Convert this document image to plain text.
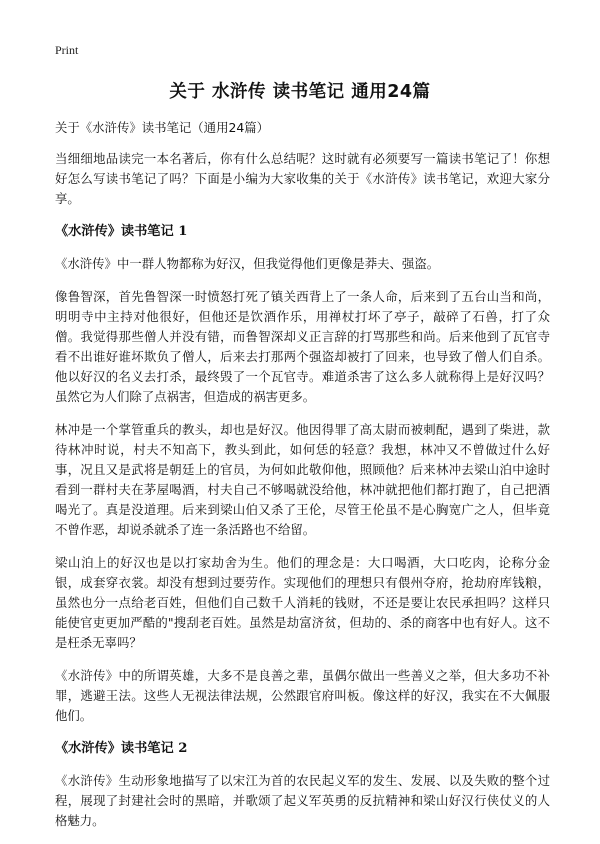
Print
关于 水浒传 读书笔记 通用24篇

关于《水浒传》读书笔记（通用24篇）

当细细地品读完一本名著后，你有什么总结呢？这时就有必须要写一篇读书笔记了！你想好怎么写读书笔记了吗？下面是小编为大家收集的关于《水浒传》读书笔记，欢迎大家分享。

《水浒传》读书笔记 1

《水浒传》中一群人物都称为好汉，但我觉得他们更像是莽夫、强盗。

像鲁智深，首先鲁智深一时愤怒打死了镇关西背上了一条人命，后来到了五台山当和尚，明明寺中主持对他很好，但他还是饮酒作乐，用禅杖打坏了亭子，敲碎了石兽，打了众僧。我觉得那些僧人并没有错，而鲁智深却义正言辞的打骂那些和尚。后来他到了瓦官寺看不出谁好谁坏欺负了僧人，后来去打那两个强盗却被打了回来，也导致了僧人们自杀。他以好汉的名义去打杀，最终毁了一个瓦官寺。难道杀害了这么多人就称得上是好汉吗？虽然它为人们除了点祸害，但造成的祸害更多。

林冲是一个掌管重兵的教头，却也是好汉。他因得罪了高太尉而被刺配，遇到了柴进，款待林冲时说，村夫不知高下，教头到此，如何恁的轻意？我想，林冲又不曾做过什么好事，况且又是武将是朝廷上的官员，为何如此敬仰他，照顾他？后来林冲去梁山泊中途时看到一群村夫在茅屋喝酒，村夫自己不够喝就没给他，林冲就把他们都打跑了，自己把酒喝光了。真是没道理。后来到梁山伯又杀了王伦，尽管王伦虽不是心胸宽广之人，但毕竟不曾作恶，却说杀就杀了连一条活路也不给留。

梁山泊上的好汉也是以打家劫舍为生。他们的理念是：大口喝酒，大口吃肉，论称分金银，成套穿衣裳。却没有想到过要劳作。实现他们的理想只有偎州夺府，抢劫府库钱粮，虽然也分一点给老百姓，但他们自己数千人消耗的钱财，不还是要让农民承担吗？这样只能使官吏更加严酷的"搜刮老百姓。虽然是劫富济贫，但劫的、杀的商客中也有好人。这不是枉杀无辜吗？

《水浒传》中的所谓英雄，大多不是良善之辈，虽偶尔做出一些善义之举，但大多功不补罪，逃避王法。这些人无视法律法规，公然跟官府叫板。像这样的好汉，我实在不大佩服他们。

《水浒传》读书笔记 2

《水浒传》生动形象地描写了以宋江为首的农民起义军的发生、发展、以及失败的整个过程，展现了封建社会时的黑暗，并歌颂了起义军英勇的反抗精神和梁山好汉行侠仗义的人格魅力。
